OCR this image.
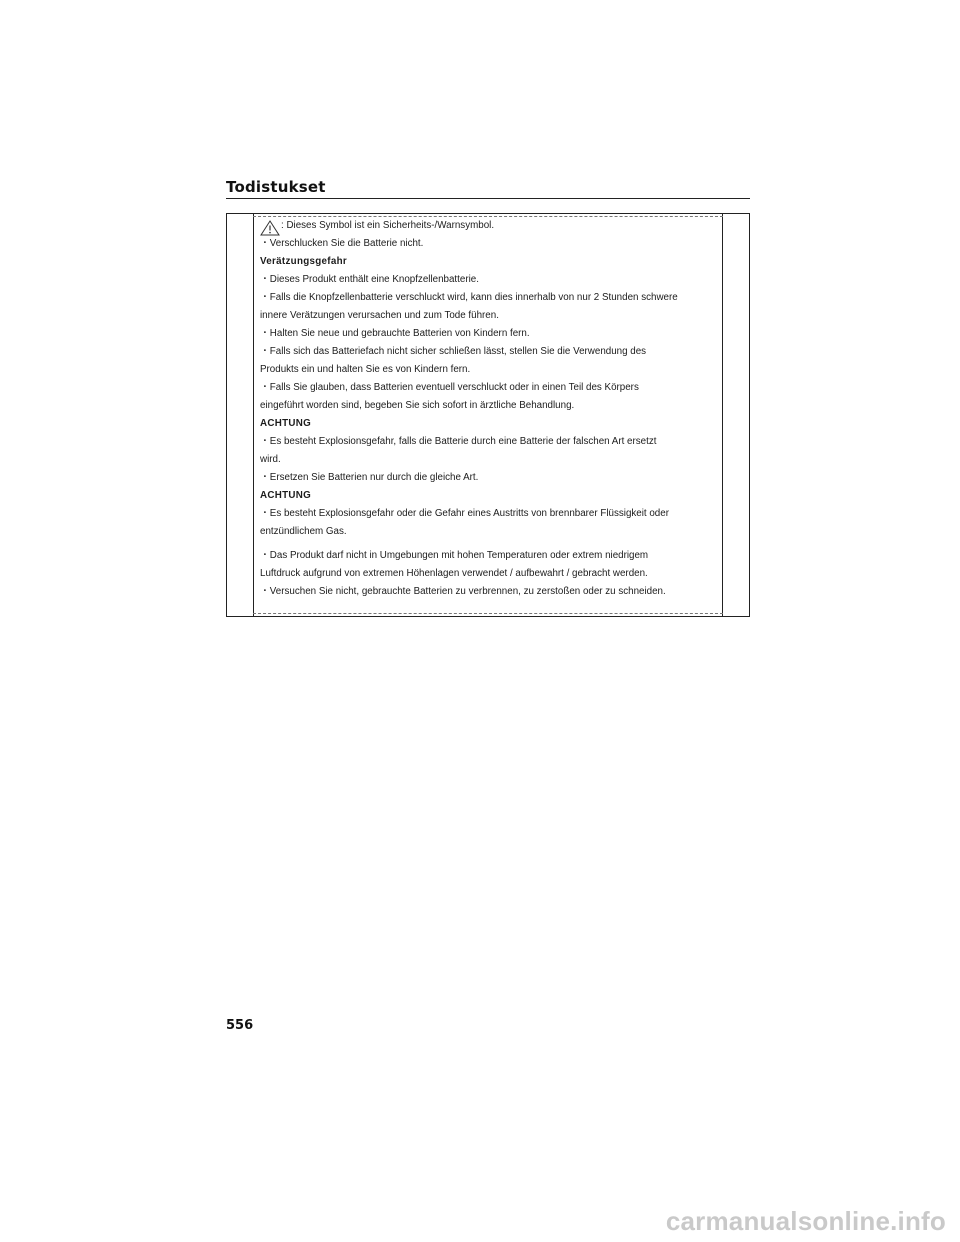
Todistukset
: Dieses Symbol ist ein Sicherheits-/Warnsymbol.
・Verschlucken Sie die Batterie nicht.
Verätzungsgefahr
・Dieses Produkt enthält eine Knopfzellenbatterie.
・Falls die Knopfzellenbatterie verschluckt wird, kann dies innerhalb von nur 2 Stunden schwere
innere Verätzungen verursachen und zum Tode führen.
・Halten Sie neue und gebrauchte Batterien von Kindern fern.
・Falls sich das Batteriefach nicht sicher schließen lässt, stellen Sie die Verwendung des
Produkts ein und halten Sie es von Kindern fern.
・Falls Sie glauben, dass Batterien eventuell verschluckt oder in einen Teil des Körpers
eingeführt worden sind, begeben Sie sich sofort in ärztliche Behandlung.
ACHTUNG
・Es besteht Explosionsgefahr, falls die Batterie durch eine Batterie der falschen Art ersetzt
wird.
・Ersetzen Sie Batterien nur durch die gleiche Art.
ACHTUNG
・Es besteht Explosionsgefahr oder die Gefahr eines Austritts von brennbarer Flüssigkeit oder
entzündlichem Gas.
・Das Produkt darf nicht in Umgebungen mit hohen Temperaturen oder extrem niedrigem
Luftdruck aufgrund von extremen Höhenlagen verwendet / aufbewahrt / gebracht werden.
・Versuchen Sie nicht, gebrauchte Batterien zu verbrennen, zu zerstoßen oder zu schneiden.
556
carmanualsonline.info
